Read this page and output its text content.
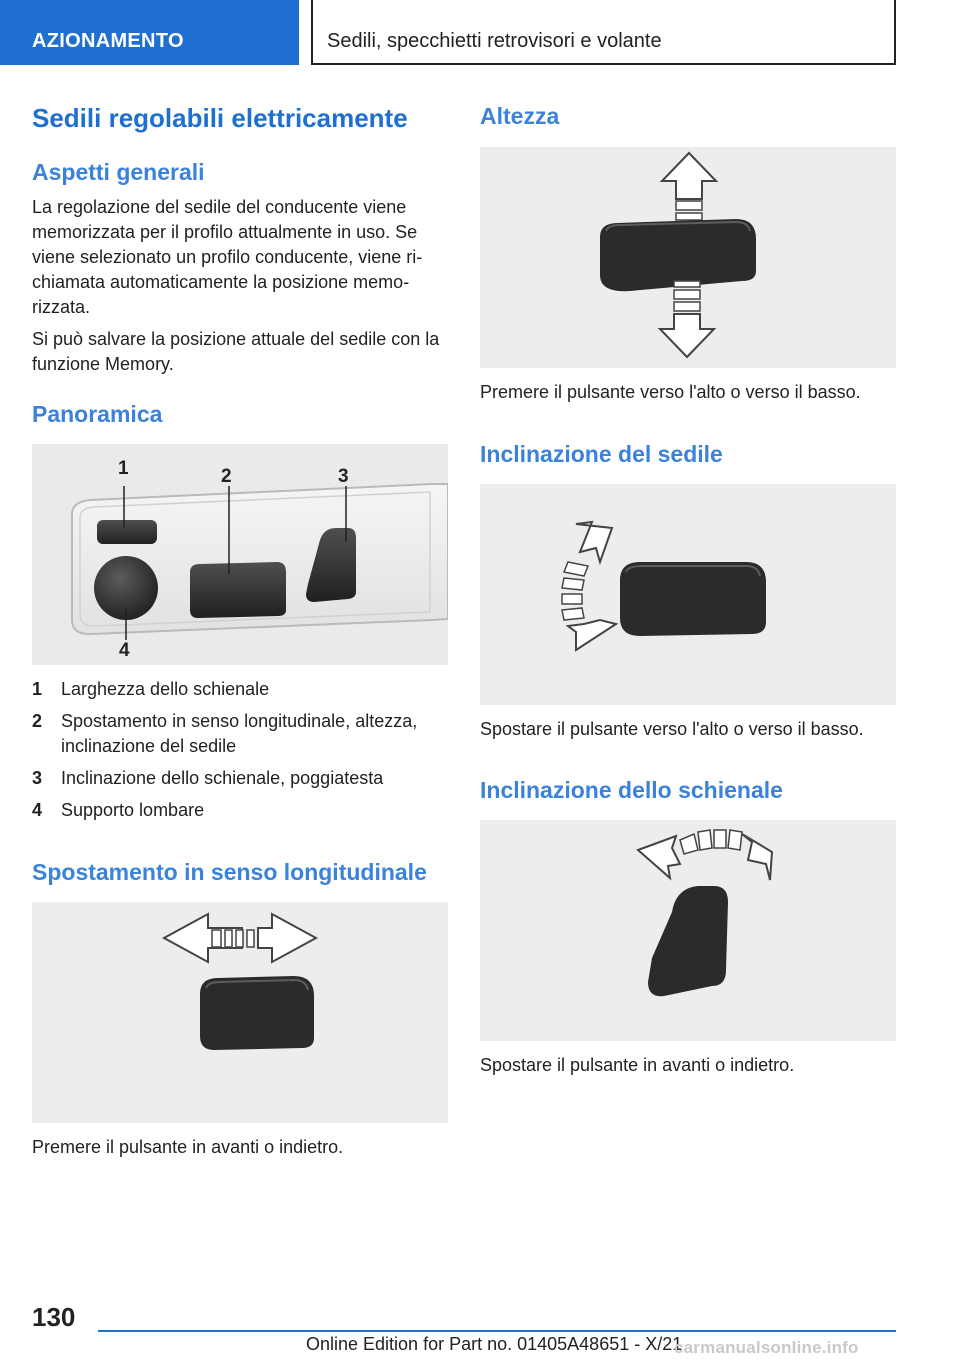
AZIONAMENTO	Sedili, specchietti retrovisori e volante
Sedili regolabili elettricamente
Aspetti generali

La regolazione del sedile del conducente viene memorizzata per il profilo attualmente in uso. Se viene selezionato un profilo conducente, viene ri-chiamata automaticamente la posizione memo-rizzata.

Si può salvare la posizione attuale del sedile con la funzione Memory.

Panoramica
1	2	3
4
1 Larghezza dello schienale
2 Spostamento in senso longitudinale, altezza, inclinazione del sedile
3 Inclinazione dello schienale, poggiatesta
4 Supporto lombare
Spostamento in senso longitudinale

Premere il pulsante in avanti o indietro.

Altezza

Premere il pulsante verso l'alto o verso il basso.

Inclinazione del sedile

Spostare il pulsante verso l'alto o verso il basso.

Inclinazione dello schienale

Spostare il pulsante in avanti o indietro.

130
Online Edition for Part no. 01405A48651 - X/21
carmanualsonline.info
